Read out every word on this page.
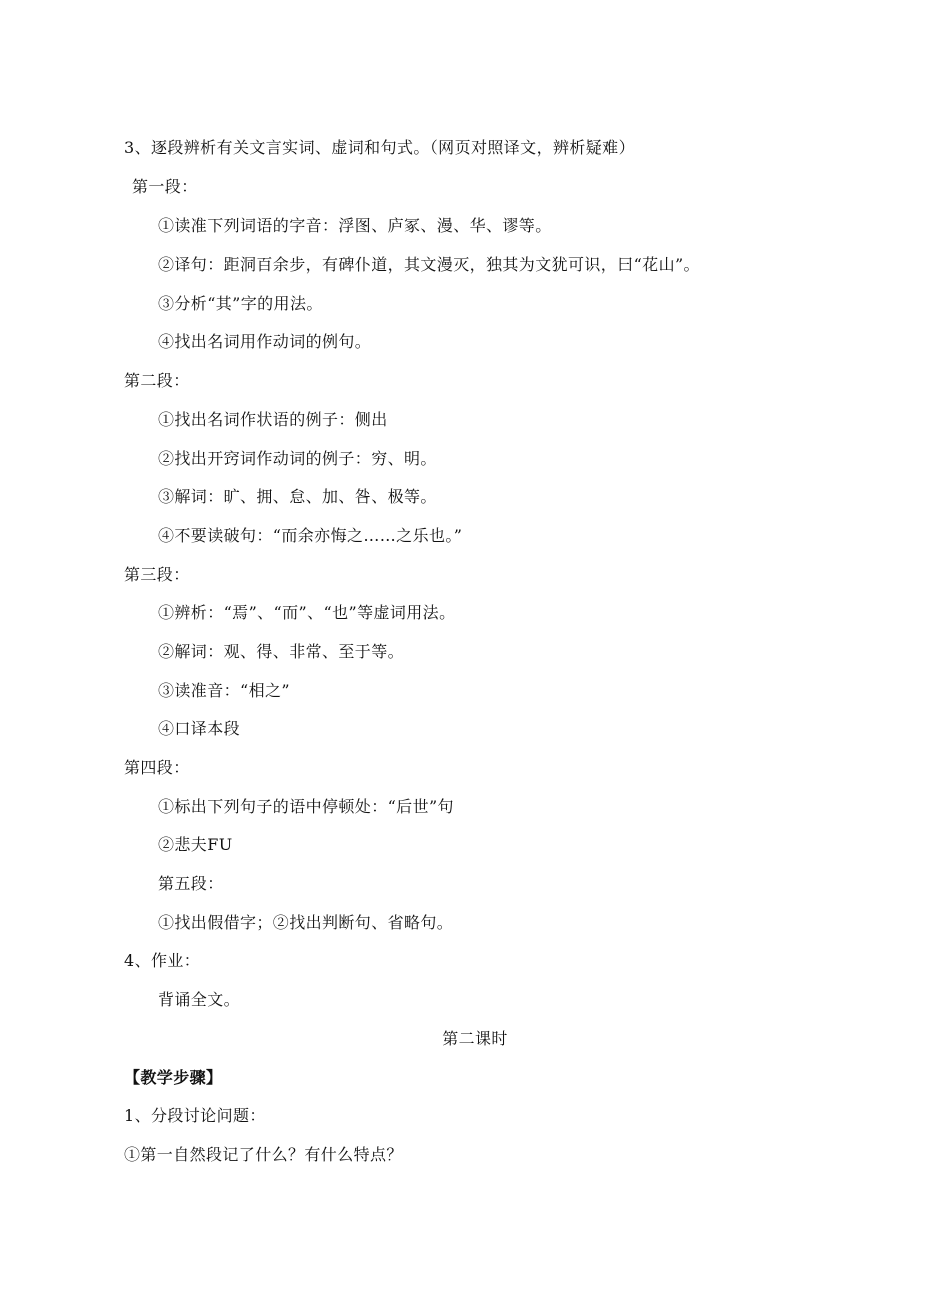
3、逐段辨析有关文言实词、虚词和句式。（网页对照译文，辨析疑难）
第一段：
①读准下列词语的字音：浮图、庐冢、漫、华、谬等。
②译句：距洞百余步，有碑仆道，其文漫灭，独其为文犹可识，曰“花山”。
③分析“其”字的用法。
④找出名词用作动词的例句。
第二段：
①找出名词作状语的例子：侧出
②找出开窍词作动词的例子：穷、明。
③解词：旷、拥、怠、加、咎、极等。
④不要读破句：“而余亦悔之……之乐也。”
第三段：
①辨析：“焉”、“而”、“也”等虚词用法。
②解词：观、得、非常、至于等。
③读准音：“相之”
④口译本段
第四段：
①标出下列句子的语中停顿处：“后世”句
②悲夫FU
第五段：
①找出假借字；②找出判断句、省略句。
4、作业：
背诵全文。
第二课时
【教学步骤】
1、分段讨论问题：
①第一自然段记了什么？有什么特点？
